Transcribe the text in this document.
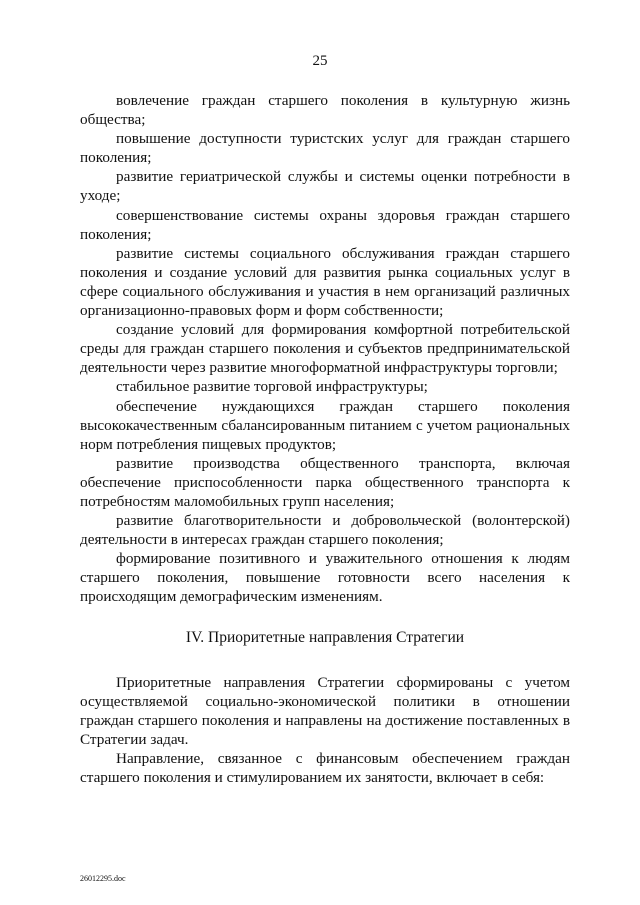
25

вовлечение граждан старшего поколения в культурную жизнь общества;

повышение доступности туристских услуг для граждан старшего поколения;

развитие гериатрической службы и системы оценки потребности в уходе;

совершенствование системы охраны здоровья граждан старшего поколения;

развитие системы социального обслуживания граждан старшего поколения и создание условий для развития рынка социальных услуг в сфере социального обслуживания и участия в нем организаций различных организационно-правовых форм и форм собственности;

создание условий для формирования комфортной потребительской среды для граждан старшего поколения и субъектов предпринимательской деятельности через развитие многоформатной инфраструктуры торговли;

стабильное развитие торговой инфраструктуры;

обеспечение нуждающихся граждан старшего поколения высококачественным сбалансированным питанием с учетом рациональных норм потребления пищевых продуктов;

развитие производства общественного транспорта, включая обеспечение приспособленности парка общественного транспорта к потребностям маломобильных групп населения;

развитие благотворительности и добровольческой (волонтерской) деятельности в интересах граждан старшего поколения;

формирование позитивного и уважительного отношения к людям старшего поколения, повышение готовности всего населения к происходящим демографическим изменениям.

IV. Приоритетные направления Стратегии

Приоритетные направления Стратегии сформированы с учетом осуществляемой социально-экономической политики в отношении граждан старшего поколения и направлены на достижение поставленных в Стратегии задач.

Направление, связанное с финансовым обеспечением граждан старшего поколения и стимулированием их занятости, включает в себя:

26012295.doc
